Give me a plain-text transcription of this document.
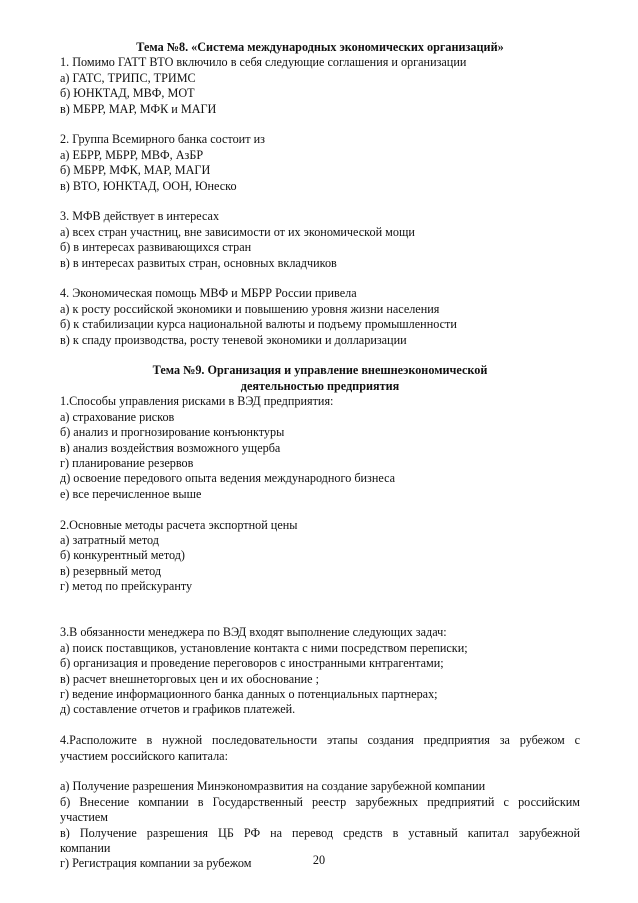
Тема №8. «Система международных экономических организаций»
1. Помимо ГАТТ ВТО включило в себя следующие соглашения и организации
а) ГАТС, ТРИПС, ТРИМС
б) ЮНКТАД, МВФ, МОТ
в) МБРР, МАР, МФК и МАГИ
2. Группа Всемирного банка состоит из
а) ЕБРР, МБРР, МВФ, АзБР
б) МБРР, МФК, МАР, МАГИ
в) ВТО, ЮНКТАД, ООН, Юнеско
3. МФВ действует в интересах
а) всех стран участниц, вне зависимости от их экономической мощи
б) в интересах развивающихся стран
в) в интересах развитых стран, основных вкладчиков
4. Экономическая помощь МВФ и МБРР России привела
а) к росту российской экономики и повышению уровня жизни населения
б) к стабилизации курса национальной валюты и подъему промышленности
в) к спаду производства, росту теневой экономики и долларизации
Тема №9. Организация и управление внешнеэкономической
деятельностью предприятия
1.Способы управления рисками в ВЭД предприятия:
а) страхование рисков
б) анализ и прогнозирование конъюнктуры
в) анализ воздействия возможного ущерба
г) планирование резервов
д) освоение передового опыта ведения международного бизнеса
е) все перечисленное выше
2.Основные методы расчета экспортной цены
а) затратный метод
б) конкурентный метод)
в) резервный метод
г) метод по прейскуранту
3.В обязанности менеджера по ВЭД входят выполнение следующих задач:
а) поиск поставщиков, установление контакта с ними посредством переписки;
б) организация и проведение переговоров с иностранными кнтрагентами;
в) расчет внешнеторговых цен и их обоснование ;
г) ведение информационного банка данных о потенциальных партнерах;
д) составление отчетов и графиков платежей.
4.Расположите в нужной последовательности этапы создания предприятия за рубежом с
участием российского капитала:
а) Получение разрешения Минэкономразвития на создание зарубежной компании
б) Внесение компании в Государственный реестр зарубежных предприятий с российским
участием
в) Получение разрешения ЦБ РФ на перевод средств в уставный капитал зарубежной
компании
г) Регистрация компании за рубежом	20
